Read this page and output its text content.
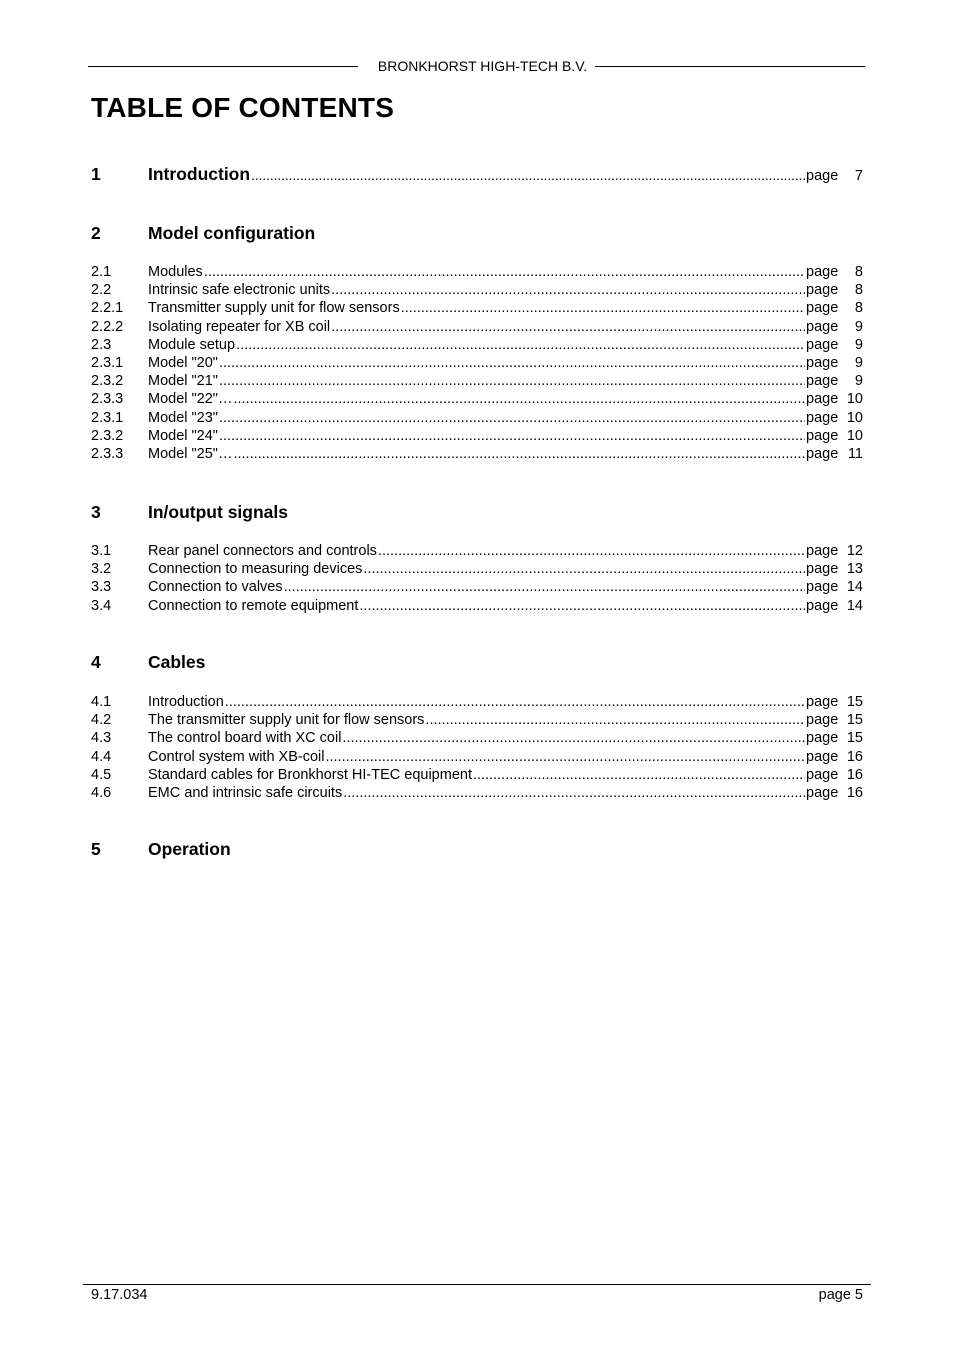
BRONKHORST HIGH-TECH B.V.
TABLE OF CONTENTS
1	Introduction .....	page 7
2	Model configuration
2.1	Modules .....	page 8
2.2	Intrinsic safe electronic units .....	page 8
2.2.1	Transmitter supply unit for flow sensors .....	page 8
2.2.2	Isolating repeater for XB coil .....	page 9
2.3	Module setup .....	page 9
2.3.1	Model "20" .....	page 9
2.3.2	Model "21" .....	page 9
2.3.3	Model "22"… .....	page 10
2.3.1	Model "23" .....	page 10
2.3.2	Model "24" .....	page 10
2.3.3	Model "25"… .....	page 11
3	In/output signals
3.1	Rear panel connectors and controls .....	page 12
3.2	Connection to measuring devices .....	page 13
3.3	Connection to valves .....	page 14
3.4	Connection to remote equipment .....	page 14
4	Cables
4.1	Introduction .....	page 15
4.2	The transmitter supply unit for flow sensors .....	page 15
4.3	The control board with XC coil .....	page 15
4.4	Control system with XB-coil .....	page 16
4.5	Standard cables for Bronkhorst HI-TEC equipment .....	page 16
4.6	EMC and intrinsic safe circuits .....	page 16
5	Operation
9.17.034	page 5
